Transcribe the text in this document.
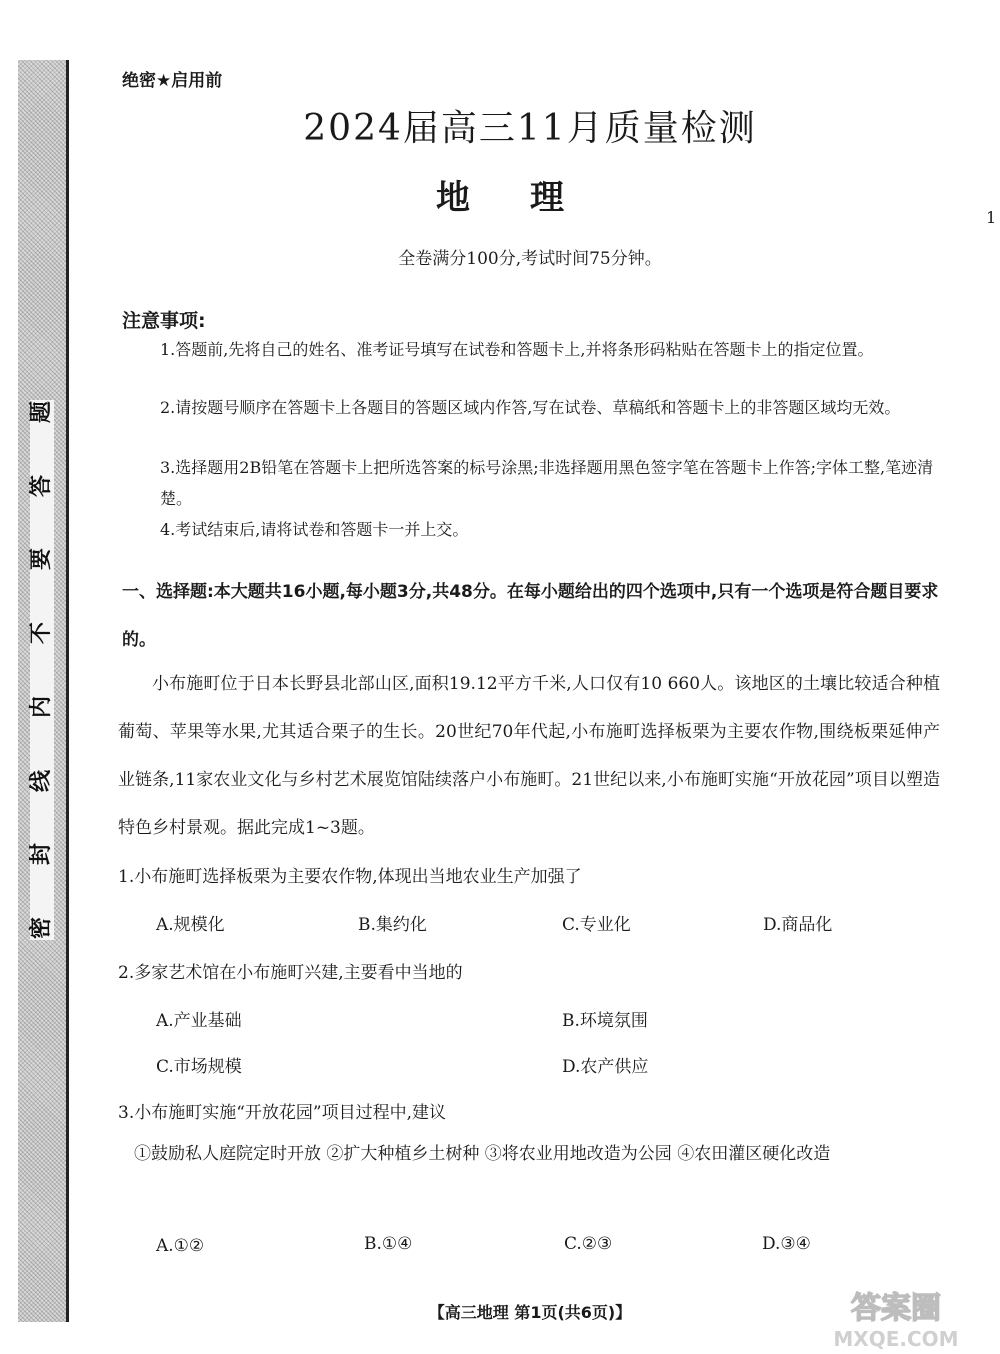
题
答
要
不
内
线
封
密
绝密★启用前
2024届高三11月质量检测
地理
全卷满分100分,考试时间75分钟。
1
注意事项:
1.答题前,先将自己的姓名、准考证号填写在试卷和答题卡上,并将条形码粘贴在答题卡上的指定位置。
2.请按题号顺序在答题卡上各题目的答题区域内作答,写在试卷、草稿纸和答题卡上的非答题区域均无效。
3.选择题用2B铅笔在答题卡上把所选答案的标号涂黑;非选择题用黑色签字笔在答题卡上作答;字体工整,笔迹清楚。
4.考试结束后,请将试卷和答题卡一并上交。
一、选择题:本大题共16小题,每小题3分,共48分。在每小题给出的四个选项中,只有一个选项是符合题目要求的。
小布施町位于日本长野县北部山区,面积19.12平方千米,人口仅有10 660人。该地区的土壤比较适合种植葡萄、苹果等水果,尤其适合栗子的生长。20世纪70年代起,小布施町选择板栗为主要农作物,围绕板栗延伸产业链条,11家农业文化与乡村艺术展览馆陆续落户小布施町。21世纪以来,小布施町实施“开放花园”项目以塑造特色乡村景观。据此完成1~3题。
1.小布施町选择板栗为主要农作物,体现出当地农业生产加强了
A.规模化	B.集约化	C.专业化	D.商品化
2.多家艺术馆在小布施町兴建,主要看中当地的
A.产业基础	B.环境氛围
C.市场规模	D.农产供应
3.小布施町实施“开放花园”项目过程中,建议
①鼓励私人庭院定时开放 ②扩大种植乡土树种 ③将农业用地改造为公园 ④农田灌区硬化改造
A.①②	B.①④	C.②③	D.③④
【高三地理 第1页(共6页)】	答案圈
MXQE.COM
